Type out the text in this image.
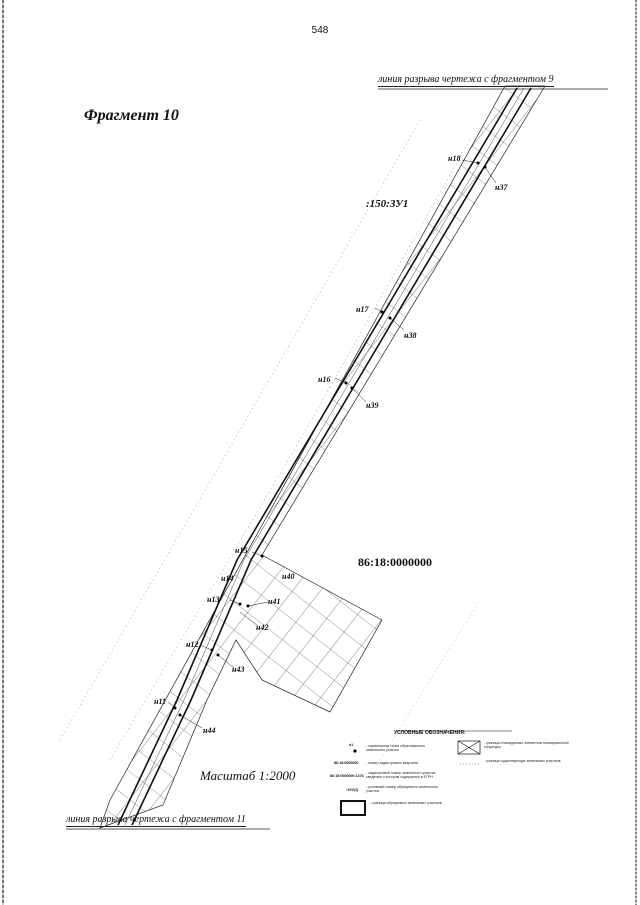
548
Фрагмент 10
линия разрыва чертежа с фрагментом 9
линия разрыва чертежа с фрагментом 11
н18
н37
н17
н38
н16
н39
н15
н40
н14
н41
н13
н42
н12
н43
н11
н44
:150:ЗУ1
86:18:0000000
Масштаб 1:2000
УСЛОВНЫЕ ОБОЗНАЧЕНИЯ:
н1	- характерная точка образованного земельного участка
86:18:0000000 - номер кадастрового квартала
86:18:0000000:1476
- кадастровый номер земельного участка, сведения о котором содержатся в ЕГРН
:ЗУ2(1)
- условный номер образуемого земельного участка
- граница образуемых земельных участков
- граница планируемых элементов планировочной структуры
- граница существующих земельных участков
